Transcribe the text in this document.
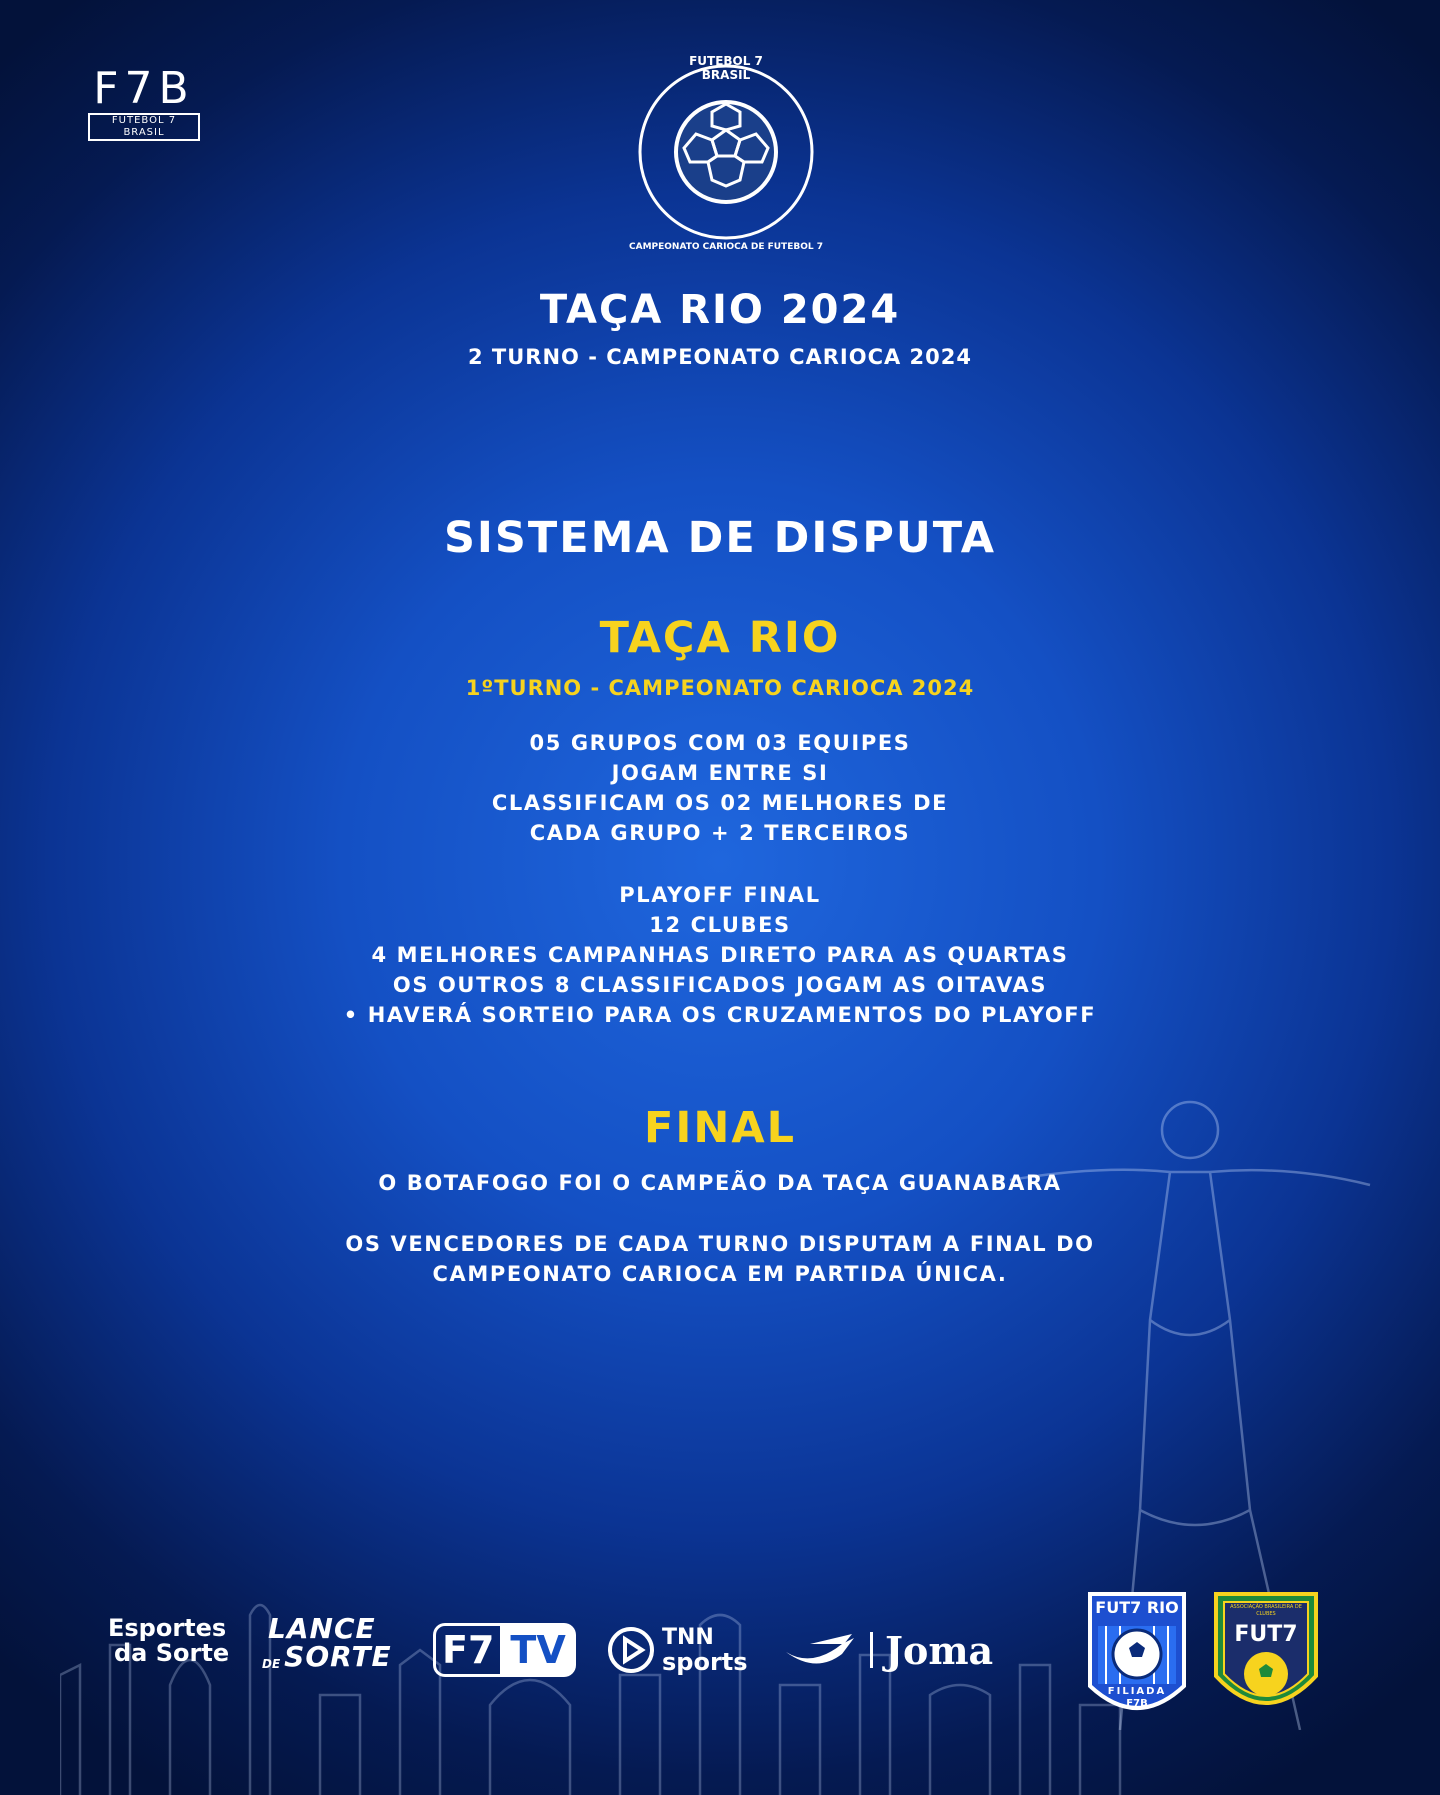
F7B
FUTEBOL 7 BRASIL
FUTEBOL 7 BRASIL
CAMPEONATO CARIOCA DE FUTEBOL 7
TAÇA RIO 2024
2 TURNO - CAMPEONATO CARIOCA 2024
SISTEMA DE DISPUTA
TAÇA RIO
1ºTURNO - CAMPEONATO CARIOCA 2024
05 GRUPOS COM 03 EQUIPES
JOGAM ENTRE SI
CLASSIFICAM OS 02 MELHORES DE
CADA GRUPO + 2 TERCEIROS
PLAYOFF FINAL
12 CLUBES
4 MELHORES CAMPANHAS DIRETO PARA AS QUARTAS
OS OUTROS 8 CLASSIFICADOS JOGAM AS OITAVAS
• HAVERÁ SORTEIO PARA OS CRUZAMENTOS DO PLAYOFF
FINAL
O BOTAFOGO FOI O CAMPEÃO DA TAÇA GUANABARA
OS VENCEDORES DE CADA TURNO DISPUTAM A FINAL DO
CAMPEONATO CARIOCA EM PARTIDA ÚNICA.
Esportes
da Sorte
LANCE
DE SORTE F7 TV	TNN
sports	Joma
FUT7 RIO
FILIADA
F7B
ASSOCIAÇÃO BRASILEIRA DE CLUBES
FUT7
